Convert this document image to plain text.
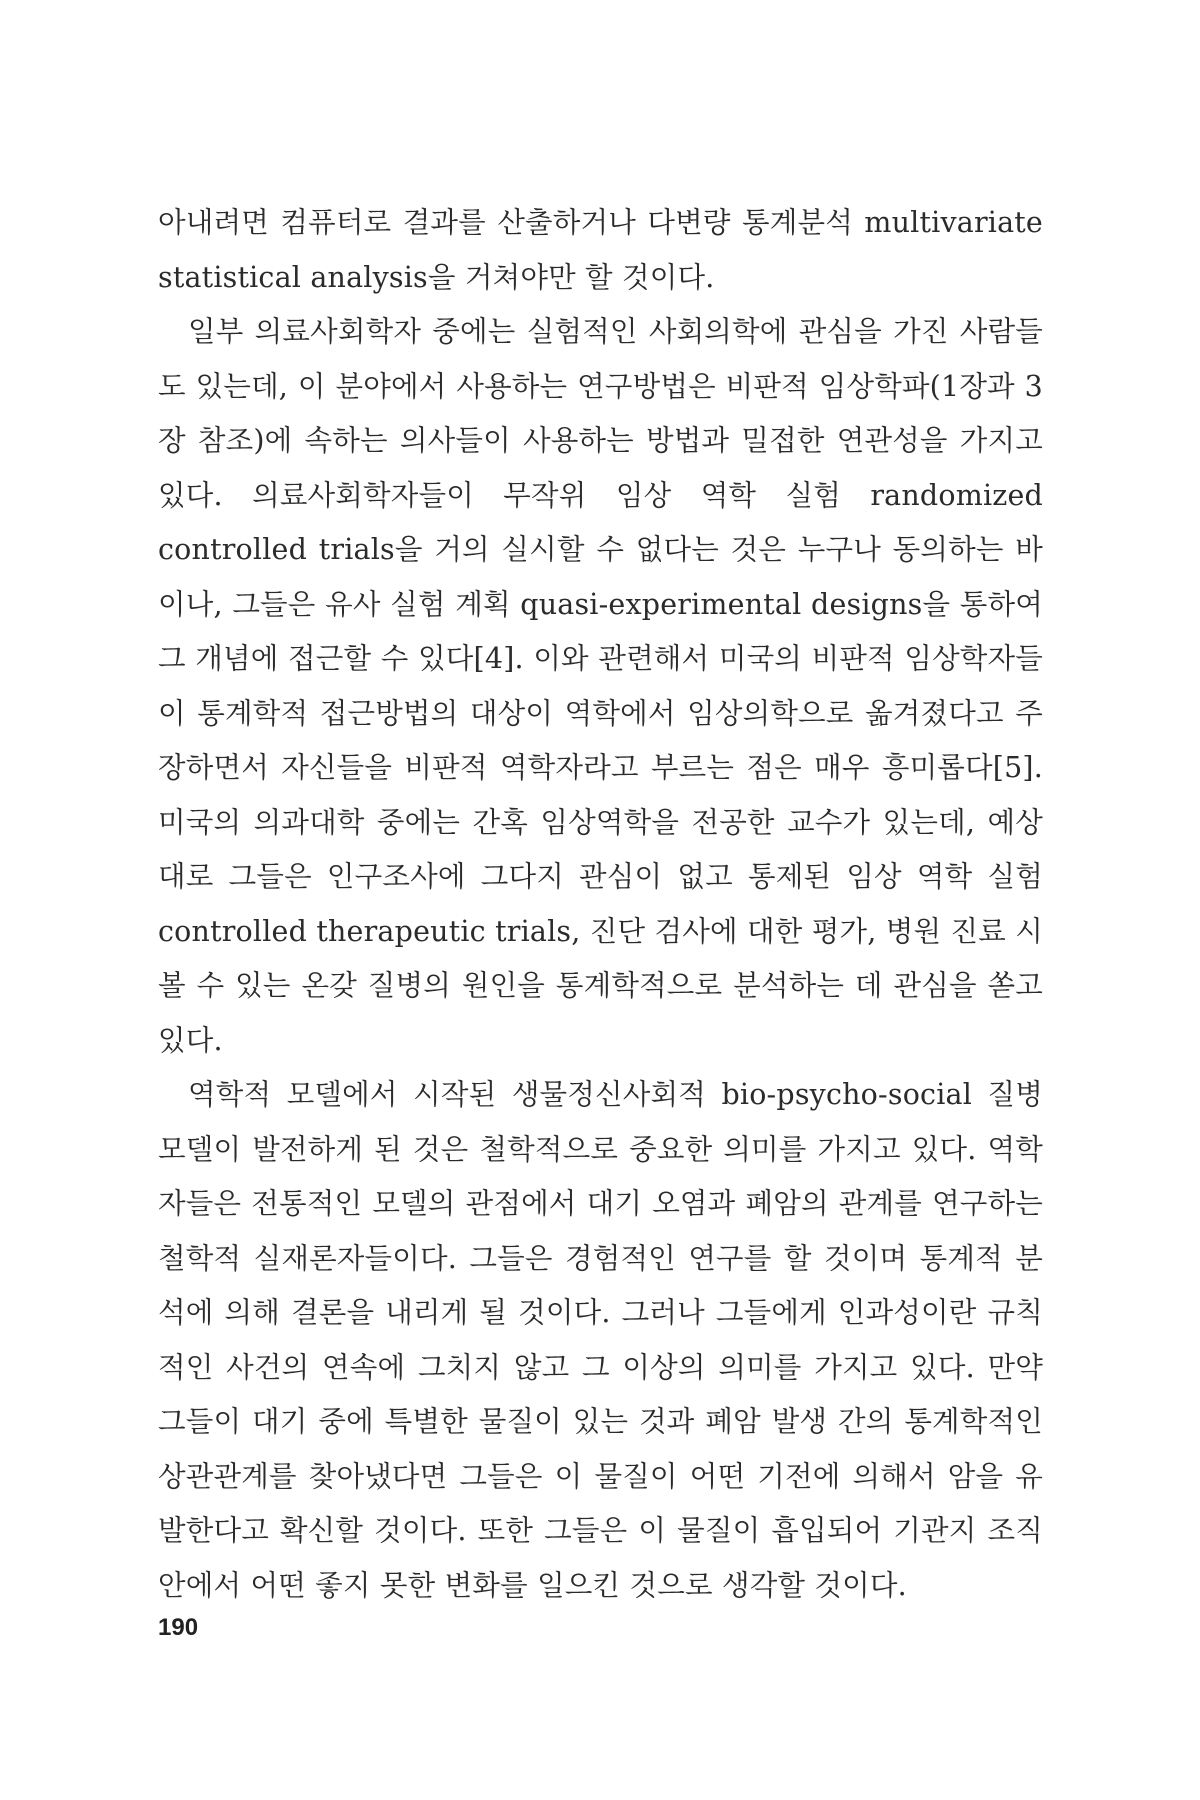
아내려면 컴퓨터로 결과를 산출하거나 다변량 통계분석 multivariate statistical analysis을 거쳐야만 할 것이다.

일부 의료사회학자 중에는 실험적인 사회의학에 관심을 가진 사람들도 있는데, 이 분야에서 사용하는 연구방법은 비판적 임상학파(1장과 3장 참조)에 속하는 의사들이 사용하는 방법과 밀접한 연관성을 가지고 있다. 의료사회학자들이 무작위 임상 역학 실험 randomized controlled trials을 거의 실시할 수 없다는 것은 누구나 동의하는 바이나, 그들은 유사 실험 계획 quasi-experimental designs을 통하여 그 개념에 접근할 수 있다[4]. 이와 관련해서 미국의 비판적 임상학자들이 통계학적 접근방법의 대상이 역학에서 임상의학으로 옮겨졌다고 주장하면서 자신들을 비판적 역학자라고 부르는 점은 매우 흥미롭다[5]. 미국의 의과대학 중에는 간혹 임상역학을 전공한 교수가 있는데, 예상대로 그들은 인구조사에 그다지 관심이 없고 통제된 임상 역학 실험 controlled therapeutic trials, 진단 검사에 대한 평가, 병원 진료 시 볼 수 있는 온갖 질병의 원인을 통계학적으로 분석하는 데 관심을 쏟고 있다.

역학적 모델에서 시작된 생물정신사회적 bio-psycho-social 질병 모델이 발전하게 된 것은 철학적으로 중요한 의미를 가지고 있다. 역학자들은 전통적인 모델의 관점에서 대기 오염과 폐암의 관계를 연구하는 철학적 실재론자들이다. 그들은 경험적인 연구를 할 것이며 통계적 분석에 의해 결론을 내리게 될 것이다. 그러나 그들에게 인과성이란 규칙적인 사건의 연속에 그치지 않고 그 이상의 의미를 가지고 있다. 만약 그들이 대기 중에 특별한 물질이 있는 것과 폐암 발생 간의 통계학적인 상관관계를 찾아냈다면 그들은 이 물질이 어떤 기전에 의해서 암을 유발한다고 확신할 것이다. 또한 그들은 이 물질이 흡입되어 기관지 조직 안에서 어떤 좋지 못한 변화를 일으킨 것으로 생각할 것이다.

190
